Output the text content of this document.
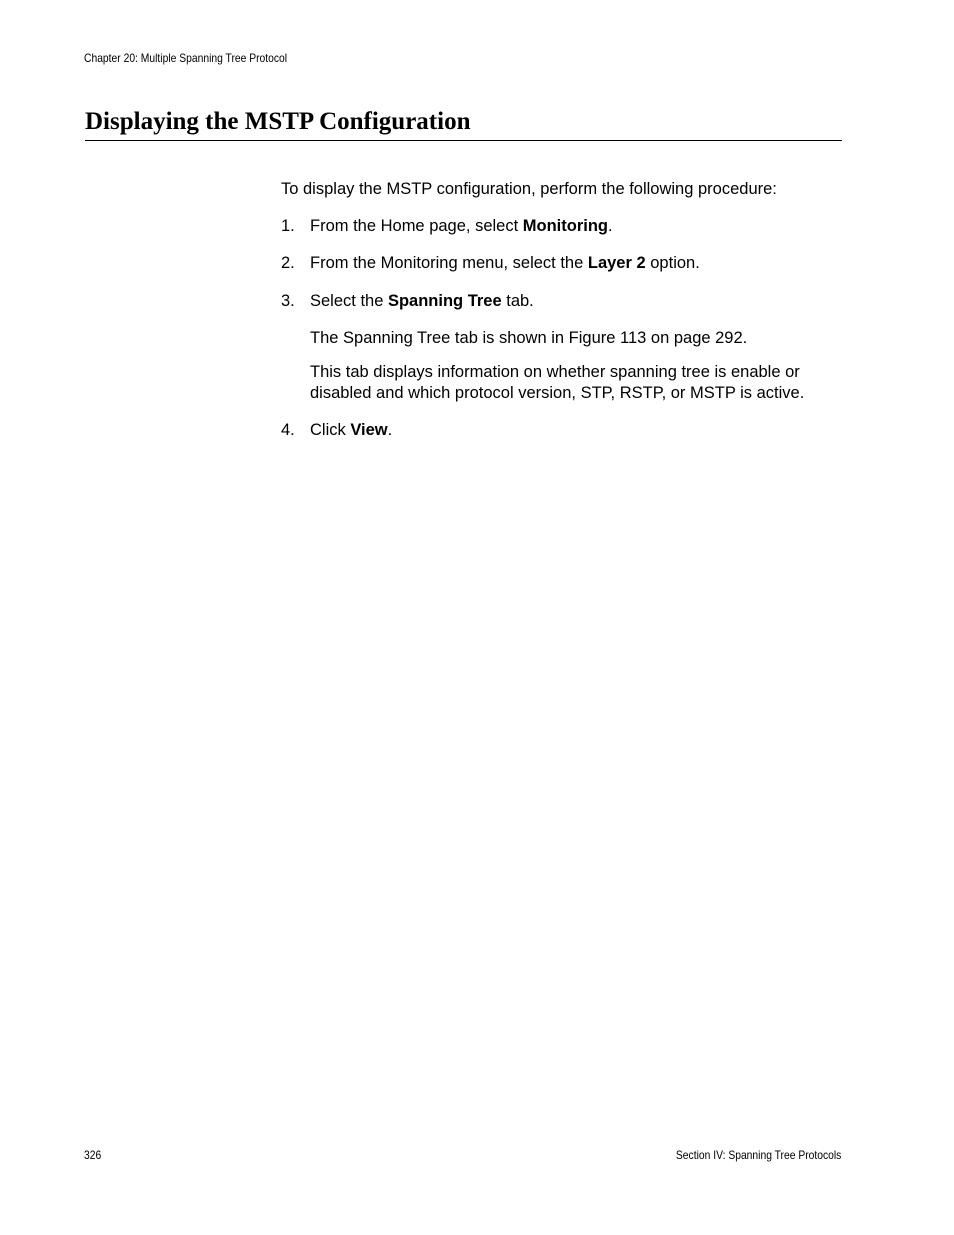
Chapter 20: Multiple Spanning Tree Protocol
Displaying the MSTP Configuration

To display the MSTP configuration, perform the following procedure:

1. From the Home page, select Monitoring.
2. From the Monitoring menu, select the Layer 2 option.
3. Select the Spanning Tree tab.

The Spanning Tree tab is shown in Figure 113 on page 292.

This tab displays information on whether spanning tree is enable or disabled and which protocol version, STP, RSTP, or MSTP is active.

4. Click View.
326	Section IV: Spanning Tree Protocols
